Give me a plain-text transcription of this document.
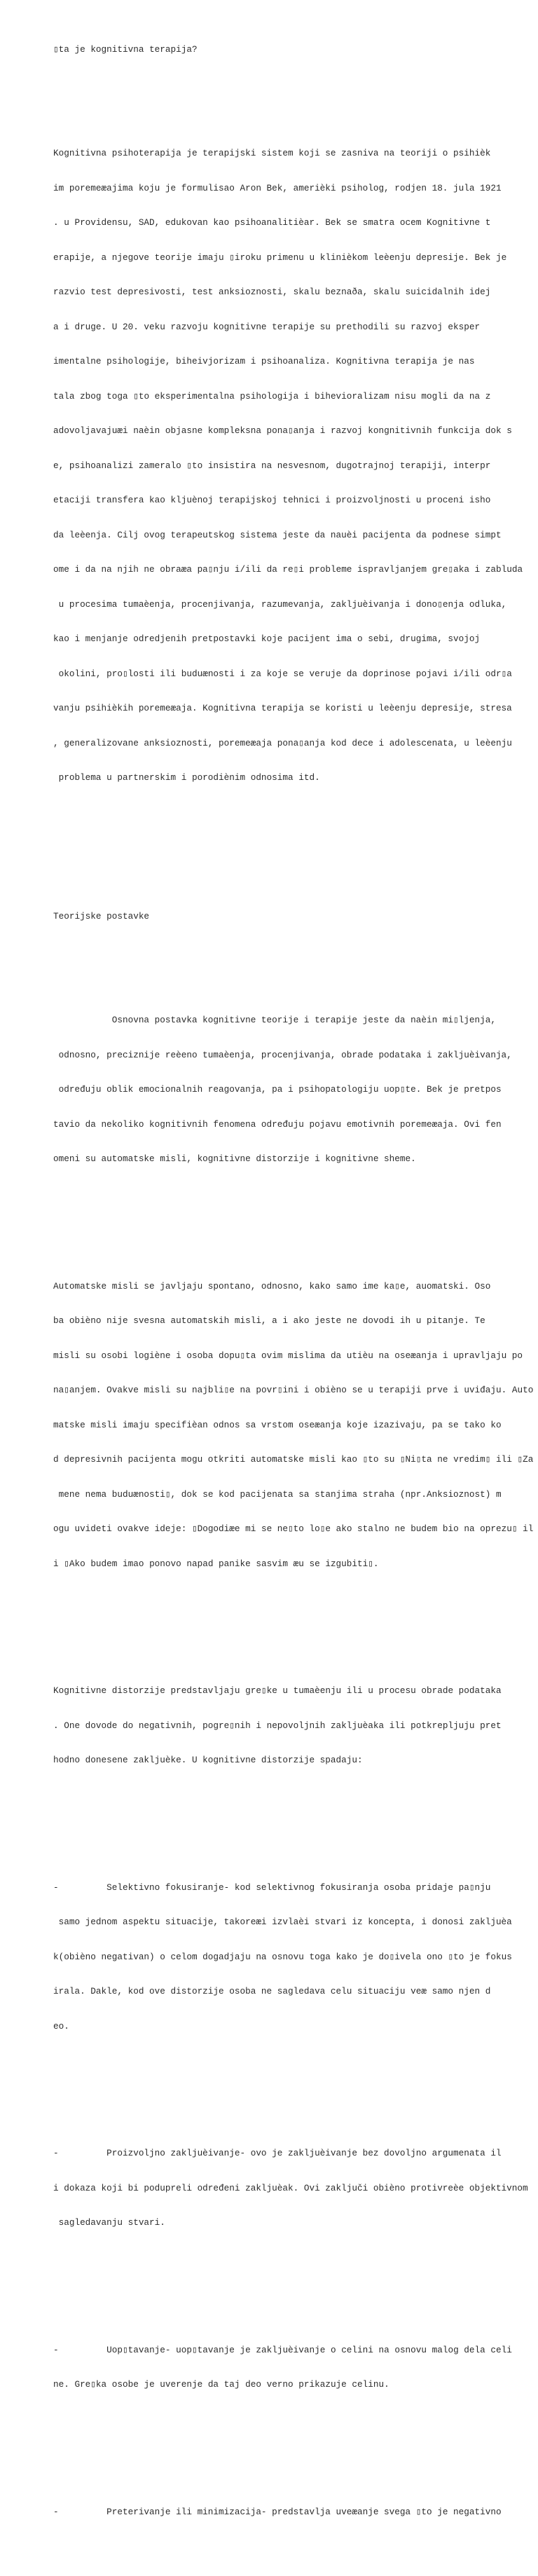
▯ta je kognitivna terapija?

Kognitivna psihoterapija je terapijski sistem koji se zasniva na teoriji o psihièk

im poremeæajima koju je formulisao Aron Bek, amerièki psiholog, rodjen 18. jula 1921

. u Providensu, SAD, edukovan kao psihoanalitièar. Bek se smatra ocem Kognitivne t

erapije, a njegove teorije imaju ▯iroku primenu u klinièkom leèenju depresije. Bek je

razvio test depresivosti, test anksioznosti, skalu beznaða, skalu suicidalnih idej

a i druge. U 20. veku razvoju kognitivne terapije su prethodili su razvoj eksper

imentalne psihologije, biheivjorizam i psihoanaliza. Kognitivna terapija je nas

tala zbog toga ▯to eksperimentalna psihologija i bihevioralizam nisu mogli da na z

adovoljavajuæi naèin objasne kompleksna pona▯anja i razvoj kongnitivnih funkcija dok s

e, psihoanalizi zameralo ▯to insistira na nesvesnom, dugotrajnoj terapiji, interpr

etaciji transfera kao kljuènoj terapijskoj tehnici i proizvoljnosti u proceni isho

da leèenja. Cilj ovog terapeutskog sistema jeste da nauèi pacijenta da podnese simpt

ome i da na njih ne obraæa pa▯nju i/ili da re▯i probleme ispravljanjem gre▯aka i zabluda

u procesima tumaèenja, procenjivanja, razumevanja, zakljuèivanja i dono▯enja odluka,

kao i menjanje odredjenih pretpostavki koje pacijent ima o sebi, drugima, svojoj

okolini, pro▯losti ili buduænosti i za koje se veruje da doprinose pojavi i/ili odr▯a

vanju psihièkih poremeæaja. Kognitivna terapija se koristi u leèenju depresije, stresa

, generalizovane anksioznosti, poremeæaja pona▯anja kod dece i adolescenata, u leèenju

problema u partnerskim i porodiènim odnosima itd.

Teorijske postavke

Osnovna postavka kognitivne teorije i terapije jeste da naèin mi▯ljenja,

odnosno, preciznije reèeno tumaèenja, procenjivanja, obrade podataka i zakljuèivanja,

određuju oblik emocionalnih reagovanja, pa i psihopatologiju uop▯te. Bek je pretpos

tavio da nekoliko kognitivnih fenomena određuju pojavu emotivnih poremeæaja. Ovi fen

omeni su automatske misli, kognitivne distorzije i kognitivne sheme.

Automatske misli se javljaju spontano, odnosno, kako samo ime ka▯e, auomatski. Oso

ba obièno nije svesna automatskih misli, a i ako jeste ne dovodi ih u pitanje. Te

misli su osobi logiène i osoba dopu▯ta ovim mislima da utièu na oseæanja i upravljaju po

na▯anjem. Ovakve misli su najbli▯e na povr▯ini i obièno se u terapiji prve i uviđaju. Auto

matske misli imaju specifièan odnos sa vrstom oseæanja koje izazivaju, pa se tako ko

d depresivnih pacijenta mogu otkriti automatske misli kao ▯to su ▯Ni▯ta ne vredim▯ ili ▯Za

mene nema buduænosti▯, dok se kod pacijenata sa stanjima straha (npr.Anksioznost) m

ogu uvideti ovakve ideje: ▯Dogodiæe mi se ne▯to lo▯e ako stalno ne budem bio na oprezu▯ il

i ▯Ako budem imao ponovo napad panike sasvim æu se izgubiti▯.

Kognitivne distorzije predstavljaju gre▯ke u tumaèenju ili u procesu obrade podataka

. One dovode do negativnih, pogre▯nih i nepovoljnih zakljuèaka ili potkrepljuju pret

hodno donesene zakljuèke. U kognitivne distorzije spadaju:

-         Selektivno fokusiranje- kod selektivnog fokusiranja osoba pridaje pa▯nju

samo jednom aspektu situacije, takoreæi izvlaèi stvari iz koncepta, i donosi zakljuèa

k(obièno negativan) o celom dogadjaju na osnovu toga kako je do▯ivela ono ▯to je fokus

irala. Dakle, kod ove distorzije osoba ne sagledava celu situaciju veæ samo njen d

eo.

-         Proizvoljno zakljuèivanje- ovo je zakljuèivanje bez dovoljno argumenata il

i dokaza koji bi podupreli određeni zakljuèak. Ovi zaključi obièno protivreèe objektivnom

sagledavanju stvari.

-         Uop▯tavanje- uop▯tavanje je zakljuèivanje o celini na osnovu malog dela celi

ne. Gre▯ka osobe je uverenje da taj deo verno prikazuje celinu.

-         Preterivanje ili minimizacija- predstavlja uveæanje svega ▯to je negativno
